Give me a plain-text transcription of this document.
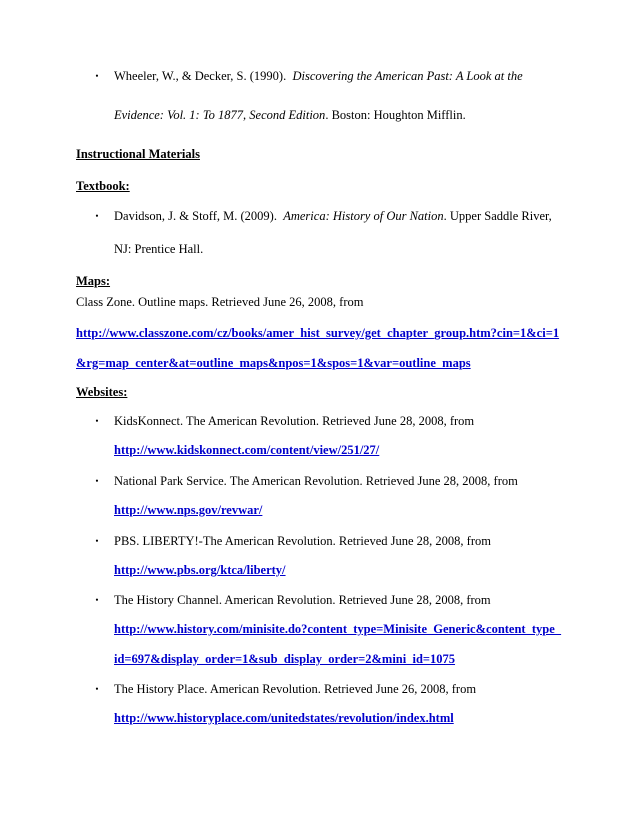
•	Wheeler, W., & Decker, S. (1990). Discovering the American Past: A Look at the
Evidence: Vol. 1: To 1877, Second Edition. Boston: Houghton Mifflin.
Instructional Materials
Textbook:
•	Davidson, J. & Stoff, M. (2009). America: History of Our Nation. Upper Saddle River,
NJ: Prentice Hall.
Maps:
Class Zone. Outline maps. Retrieved June 26, 2008, from
http://www.classzone.com/cz/books/amer_hist_survey/get_chapter_group.htm?cin=1&ci=1
&rg=map_center&at=outline_maps&npos=1&spos=1&var=outline_maps
Websites:
•	KidsKonnect. The American Revolution. Retrieved June 28, 2008, from
http://www.kidskonnect.com/content/view/251/27/
•	National Park Service. The American Revolution. Retrieved June 28, 2008, from
http://www.nps.gov/revwar/
•	PBS. LIBERTY!-The American Revolution. Retrieved June 28, 2008, from
http://www.pbs.org/ktca/liberty/
•	The History Channel. American Revolution. Retrieved June 28, 2008, from
http://www.history.com/minisite.do?content_type=Minisite_Generic&content_type_
id=697&display_order=1&sub_display_order=2&mini_id=1075
•	The History Place. American Revolution. Retrieved June 26, 2008, from
http://www.historyplace.com/unitedstates/revolution/index.html
